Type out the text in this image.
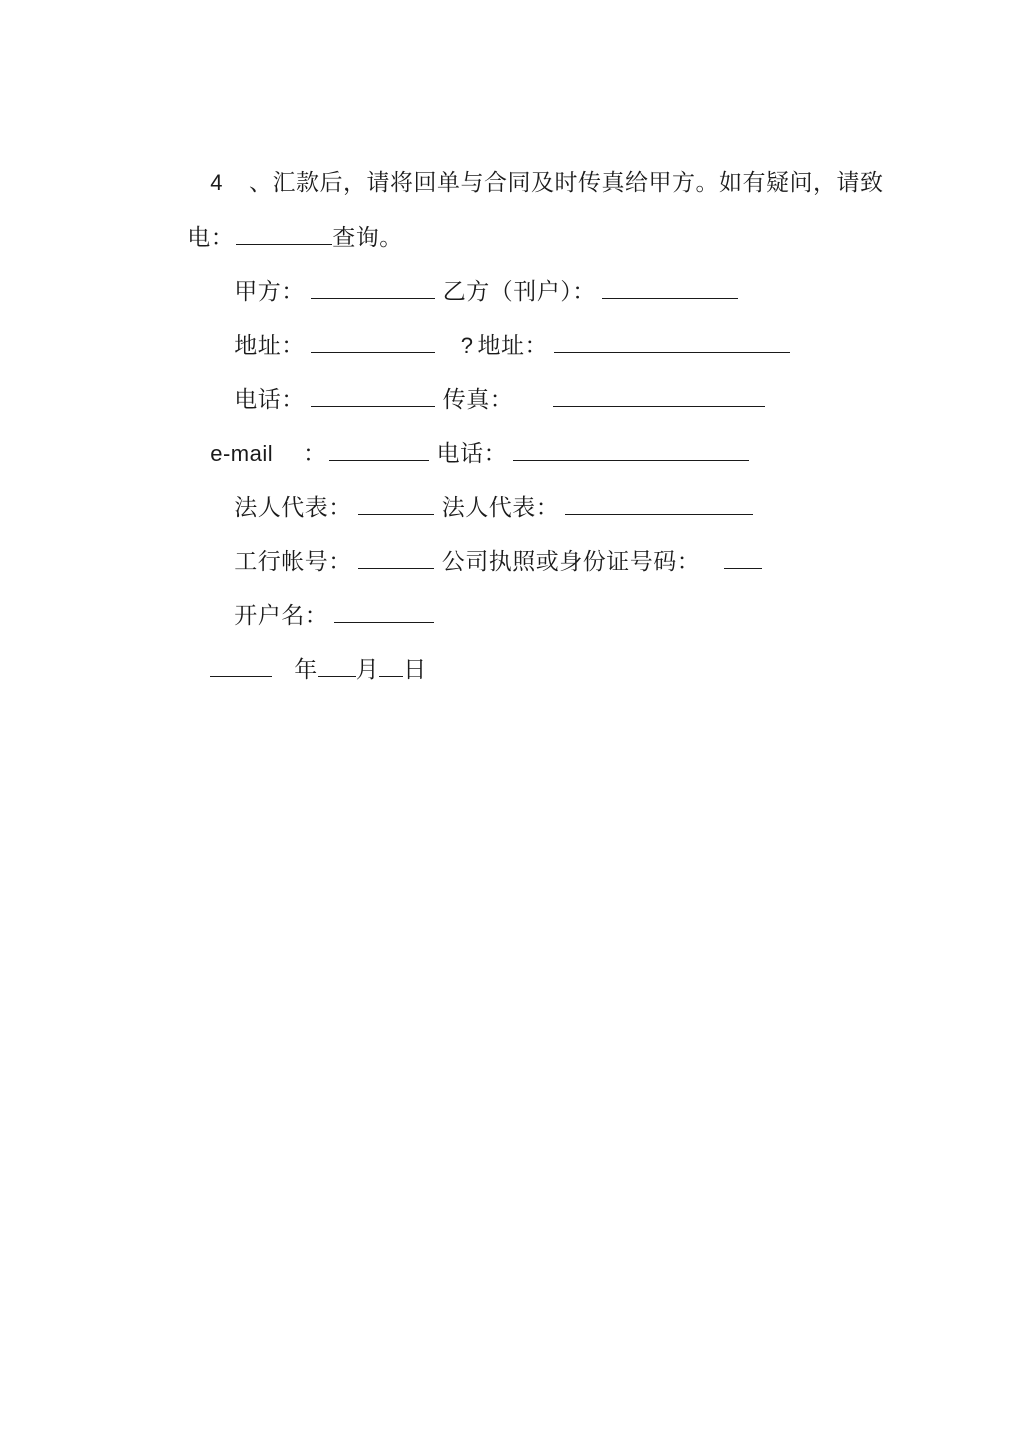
4 、汇款后，请将回单与合同及时传真给甲方。如有疑问，请致

电：	查询。

甲方：	乙方（刊户）：

地址：	? 地址：

电话：	传真：

e-mail ：	电话：

法人代表：	法人代表：

工行帐号：	公司执照或身份证号码：

开户名：

年 月 日
